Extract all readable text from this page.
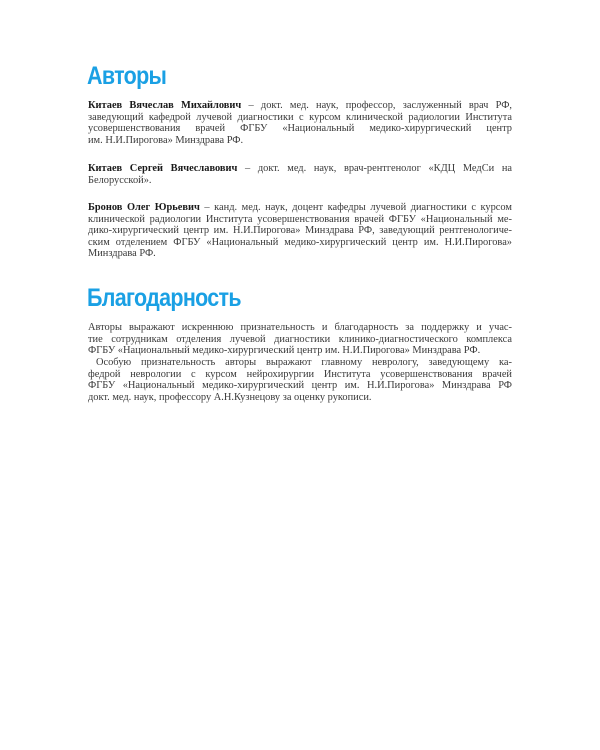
Авторы
Китаев Вячеслав Михайлович – докт. мед. наук, профессор, заслуженный врач РФ,
заведующий кафедрой лучевой диагностики с курсом клинической радиологии Института
усовершенствования врачей ФГБУ «Национальный медико-хирургический центр
им. Н.И.Пирогова» Минздрава РФ.
Китаев Сергей Вячеславович – докт. мед. наук, врач-рентгенолог «КДЦ МедСи на
Белорусской».
Бронов Олег Юрьевич – канд. мед. наук, доцент кафедры лучевой диагностики с курсом
клинической радиологии Института усовершенствования врачей ФГБУ «Национальный ме-
дико-хирургический центр им. Н.И.Пирогова» Минздрава РФ, заведующий рентгенологиче-
ским отделением ФГБУ «Национальный медико-хирургический центр им. Н.И.Пирогова»
Минздрава РФ.
Благодарность
Авторы выражают искреннюю признательность и благодарность за поддержку и учас-
тие сотрудникам отделения лучевой диагностики клинико-диагностического комплекса
ФГБУ «Национальный медико-хирургический центр им. Н.И.Пирогова» Минздрава РФ.
Особую признательность авторы выражают главному неврологу, заведующему ка-
федрой неврологии с курсом нейрохирургии Института усовершенствования врачей
ФГБУ «Национальный медико-хирургический центр им. Н.И.Пирогова» Минздрава РФ
докт. мед. наук, профессору А.Н.Кузнецову за оценку рукописи.
